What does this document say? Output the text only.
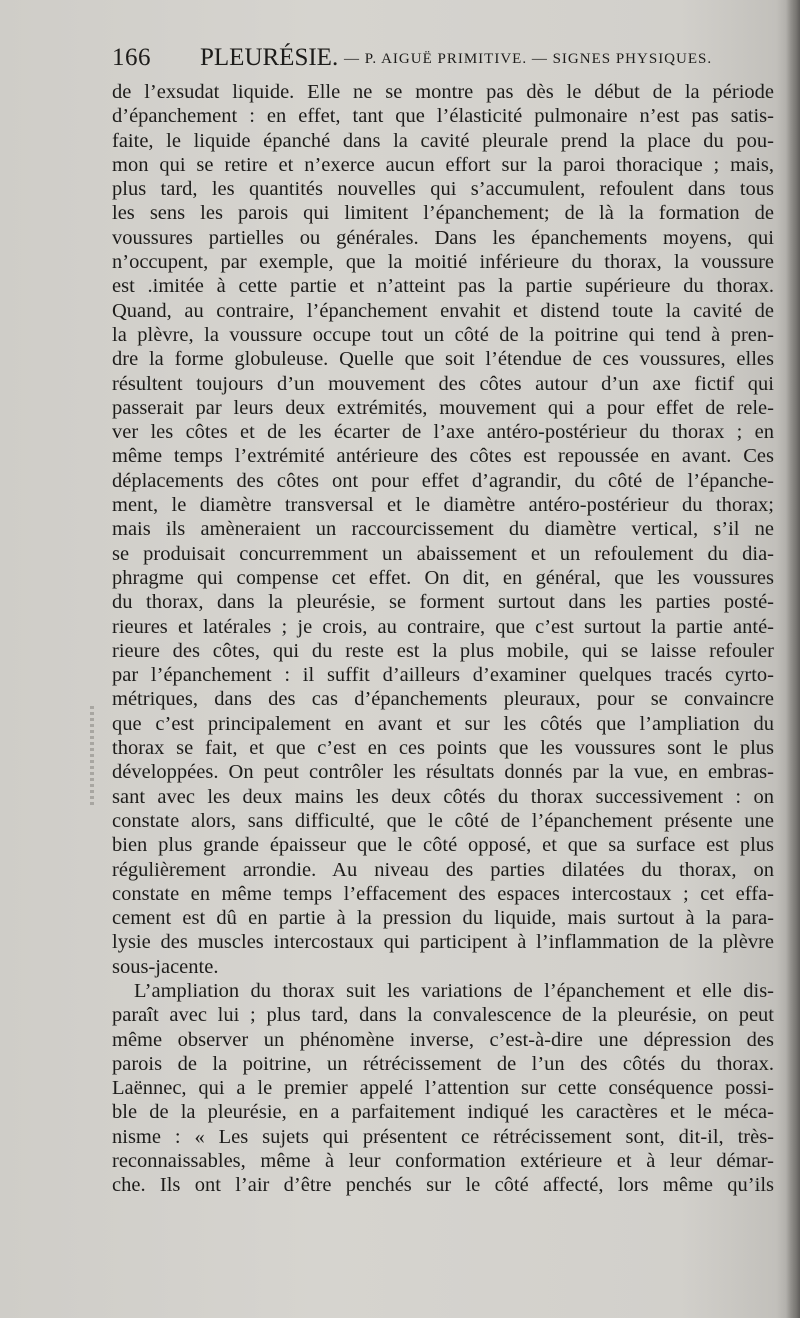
166 PLEURÉSIE. — P. AIGUË PRIMITIVE. — SIGNES PHYSIQUES.
de l’exsudat liquide. Elle ne se montre pas dès le début de la période
d’épanchement : en effet, tant que l’élasticité pulmonaire n’est pas satis-
faite, le liquide épanché dans la cavité pleurale prend la place du pou-
mon qui se retire et n’exerce aucun effort sur la paroi thoracique ; mais,
plus tard, les quantités nouvelles qui s’accumulent, refoulent dans tous
les sens les parois qui limitent l’épanchement; de là la formation de
voussures partielles ou générales. Dans les épanchements moyens, qui
n’occupent, par exemple, que la moitié inférieure du thorax, la voussure
est .imitée à cette partie et n’atteint pas la partie supérieure du thorax.
Quand, au contraire, l’épanchement envahit et distend toute la cavité de
la plèvre, la voussure occupe tout un côté de la poitrine qui tend à pren-
dre la forme globuleuse. Quelle que soit l’étendue de ces voussures, elles
résultent toujours d’un mouvement des côtes autour d’un axe fictif qui
passerait par leurs deux extrémités, mouvement qui a pour effet de rele-
ver les côtes et de les écarter de l’axe antéro-postérieur du thorax ; en
même temps l’extrémité antérieure des côtes est repoussée en avant. Ces
déplacements des côtes ont pour effet d’agrandir, du côté de l’épanche-
ment, le diamètre transversal et le diamètre antéro-postérieur du thorax;
mais ils amèneraient un raccourcissement du diamètre vertical, s’il ne
se produisait concurremment un abaissement et un refoulement du dia-
phragme qui compense cet effet. On dit, en général, que les voussures
du thorax, dans la pleurésie, se forment surtout dans les parties posté-
rieures et latérales ; je crois, au contraire, que c’est surtout la partie anté-
rieure des côtes, qui du reste est la plus mobile, qui se laisse refouler
par l’épanchement : il suffit d’ailleurs d’examiner quelques tracés cyrto-
métriques, dans des cas d’épanchements pleuraux, pour se convaincre
que c’est principalement en avant et sur les côtés que l’ampliation du
thorax se fait, et que c’est en ces points que les voussures sont le plus
développées. On peut contrôler les résultats donnés par la vue, en embras-
sant avec les deux mains les deux côtés du thorax successivement : on
constate alors, sans difficulté, que le côté de l’épanchement présente une
bien plus grande épaisseur que le côté opposé, et que sa surface est plus
régulièrement arrondie. Au niveau des parties dilatées du thorax, on
constate en même temps l’effacement des espaces intercostaux ; cet effa-
cement est dû en partie à la pression du liquide, mais surtout à la para-
lysie des muscles intercostaux qui participent à l’inflammation de la plèvre
sous-jacente.
L’ampliation du thorax suit les variations de l’épanchement et elle dis-
paraît avec lui ; plus tard, dans la convalescence de la pleurésie, on peut
même observer un phénomène inverse, c’est-à-dire une dépression des
parois de la poitrine, un rétrécissement de l’un des côtés du thorax.
Laënnec, qui a le premier appelé l’attention sur cette conséquence possi-
ble de la pleurésie, en a parfaitement indiqué les caractères et le méca-
nisme : « Les sujets qui présentent ce rétrécissement sont, dit-il, très-
reconnaissables, même à leur conformation extérieure et à leur démar-
che. Ils ont l’air d’être penchés sur le côté affecté, lors même qu’ils
